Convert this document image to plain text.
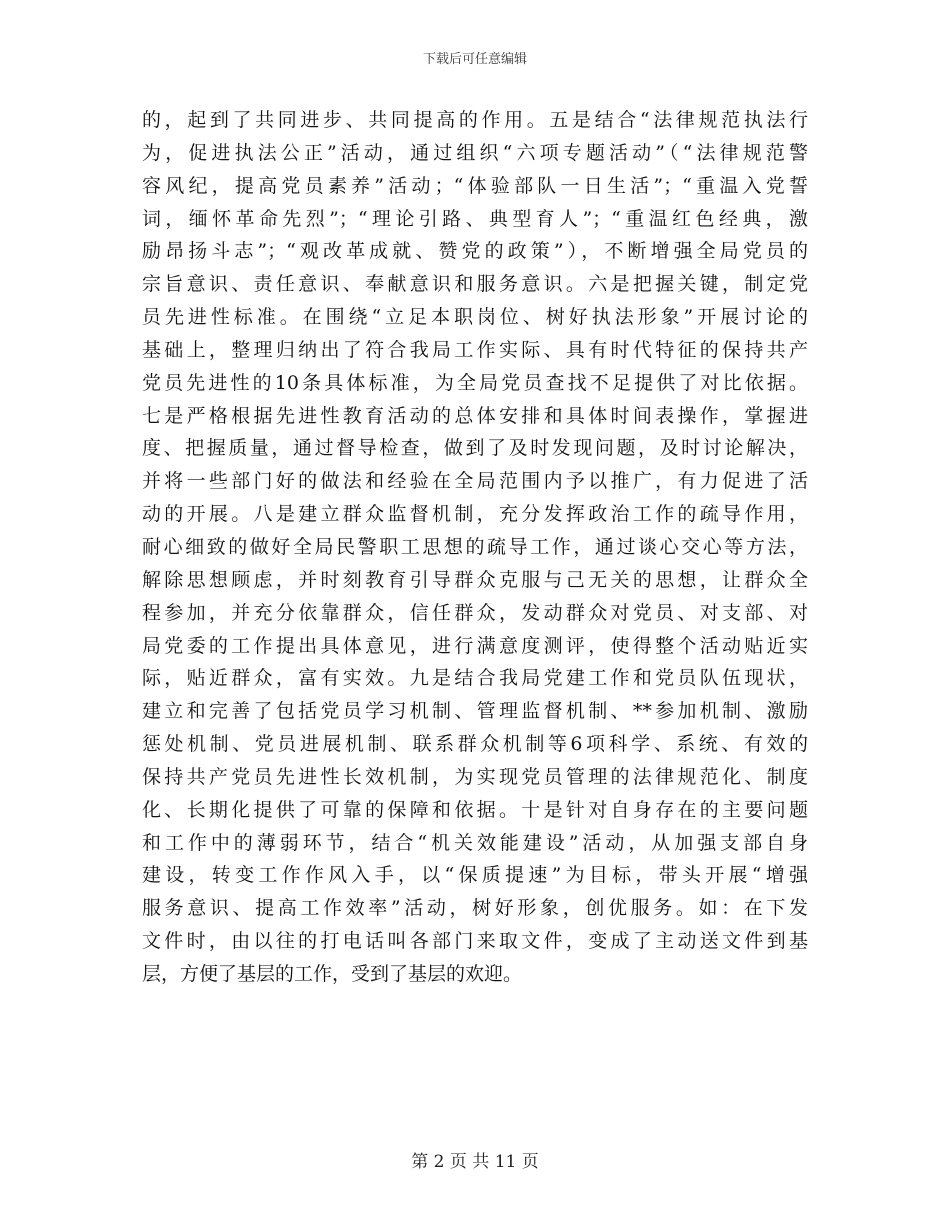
下载后可任意编辑
的，起到了共同进步、共同提高的作用。五是结合“法律规范执法行
为，促进执法公正”活动，通过组织“六项专题活动”（“法律规范警
容风纪，提高党员素养”活动；“体验部队一日生活”；“重温入党誓
词，缅怀革命先烈”；“理论引路、典型育人”；“重温红色经典，激
励昂扬斗志”；“观改革成就、赞党的政策”），不断增强全局党员的
宗旨意识、责任意识、奉献意识和服务意识。六是把握关键，制定党
员先进性标准。在围绕“立足本职岗位、树好执法形象”开展讨论的
基础上，整理归纳出了符合我局工作实际、具有时代特征的保持共产
党员先进性的10条具体标准，为全局党员查找不足提供了对比依据。
七是严格根据先进性教育活动的总体安排和具体时间表操作，掌握进
度、把握质量，通过督导检查，做到了及时发现问题，及时讨论解决，
并将一些部门好的做法和经验在全局范围内予以推广，有力促进了活
动的开展。八是建立群众监督机制，充分发挥政治工作的疏导作用，
耐心细致的做好全局民警职工思想的疏导工作，通过谈心交心等方法，
解除思想顾虑，并时刻教育引导群众克服与己无关的思想，让群众全
程参加，并充分依靠群众，信任群众，发动群众对党员、对支部、对
局党委的工作提出具体意见，进行满意度测评，使得整个活动贴近实
际，贴近群众，富有实效。九是结合我局党建工作和党员队伍现状，
建立和完善了包括党员学习机制、管理监督机制、**参加机制、激励
惩处机制、党员进展机制、联系群众机制等6项科学、系统、有效的
保持共产党员先进性长效机制，为实现党员管理的法律规范化、制度
化、长期化提供了可靠的保障和依据。十是针对自身存在的主要问题
和工作中的薄弱环节，结合“机关效能建设”活动，从加强支部自身
建设，转变工作作风入手，以“保质提速”为目标，带头开展“增强
服务意识、提高工作效率”活动，树好形象，创优服务。如：在下发
文件时，由以往的打电话叫各部门来取文件，变成了主动送文件到基
层，方便了基层的工作，受到了基层的欢迎。
第 2 页 共 11 页
